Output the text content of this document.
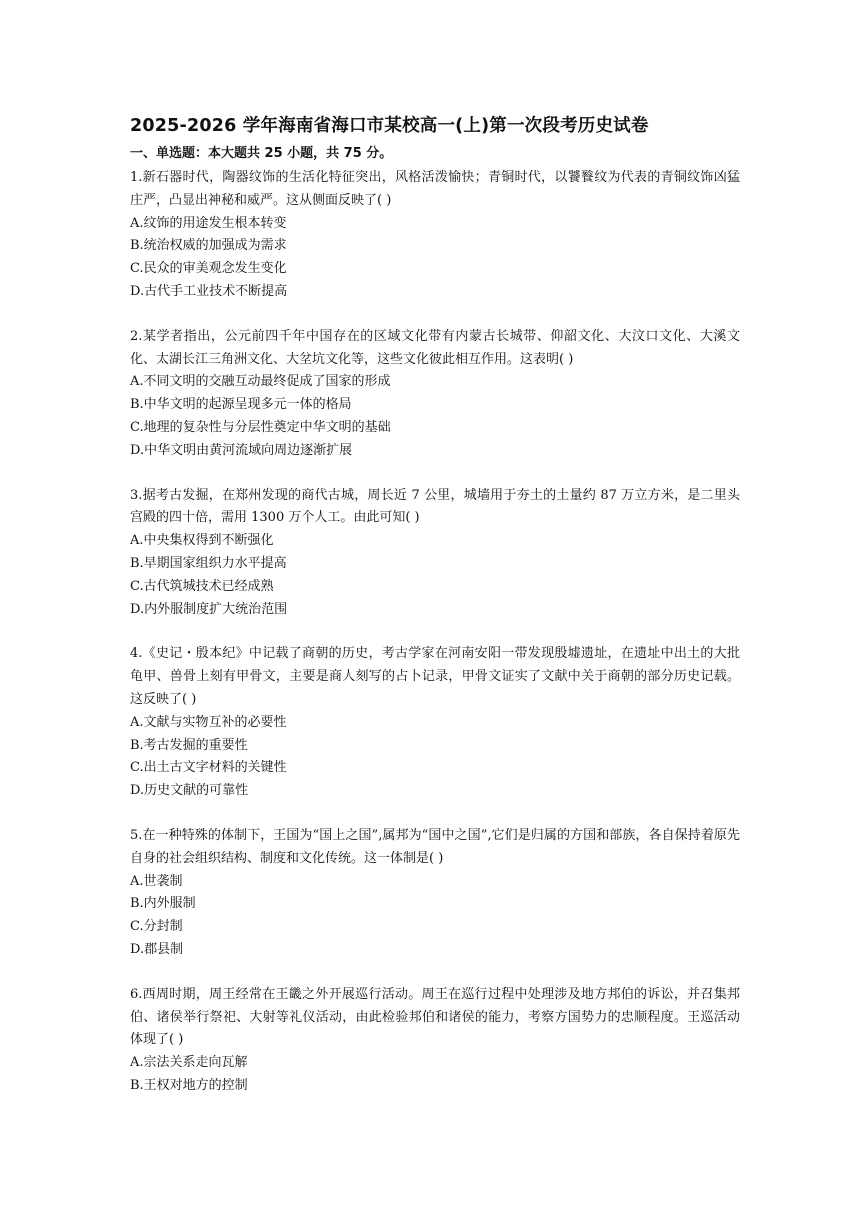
2025-2026 学年海南省海口市某校高一(上)第一次段考历史试卷
一、单选题：本大题共 25 小题，共 75 分。

1.新石器时代，陶器纹饰的生活化特征突出，风格活泼愉快；青铜时代，以饕餮纹为代表的青铜纹饰凶猛庄严，凸显出神秘和威严。这从侧面反映了( )

A.纹饰的用途发生根本转变

B.统治权威的加强成为需求

C.民众的审美观念发生变化

D.古代手工业技术不断提高

2.某学者指出，公元前四千年中国存在的区域文化带有内蒙古长城带、仰韶文化、大汶口文化、大溪文化、太湖长江三角洲文化、大坌坑文化等，这些文化彼此相互作用。这表明( )

A.不同文明的交融互动最终促成了国家的形成

B.中华文明的起源呈现多元一体的格局

C.地理的复杂性与分层性奠定中华文明的基础

D.中华文明由黄河流域向周边逐渐扩展

3.据考古发掘，在郑州发现的商代古城，周长近 7 公里，城墙用于夯土的土量约 87 万立方米，是二里头宫殿的四十倍，需用 1300 万个人工。由此可知( )

A.中央集权得到不断强化

B.早期国家组织力水平提高

C.古代筑城技术已经成熟

D.内外服制度扩大统治范围

4.《史记・殷本纪》中记载了商朝的历史，考古学家在河南安阳一带发现殷墟遗址，在遗址中出土的大批龟甲、兽骨上刻有甲骨文，主要是商人刻写的占卜记录，甲骨文证实了文献中关于商朝的部分历史记载。这反映了( )

A.文献与实物互补的必要性

B.考古发掘的重要性

C.出土古文字材料的关键性

D.历史文献的可靠性

5.在一种特殊的体制下，王国为“国上之国”,属邦为“国中之国”,它们是归属的方国和部族，各自保持着原先自身的社会组织结构、制度和文化传统。这一体制是( )

A.世袭制

B.内外服制

C.分封制

D.郡县制

6.西周时期，周王经常在王畿之外开展巡行活动。周王在巡行过程中处理涉及地方邦伯的诉讼，并召集邦伯、诸侯举行祭祀、大射等礼仪活动，由此检验邦伯和诸侯的能力，考察方国势力的忠顺程度。王巡活动体现了( )

A.宗法关系走向瓦解

B.王权对地方的控制
